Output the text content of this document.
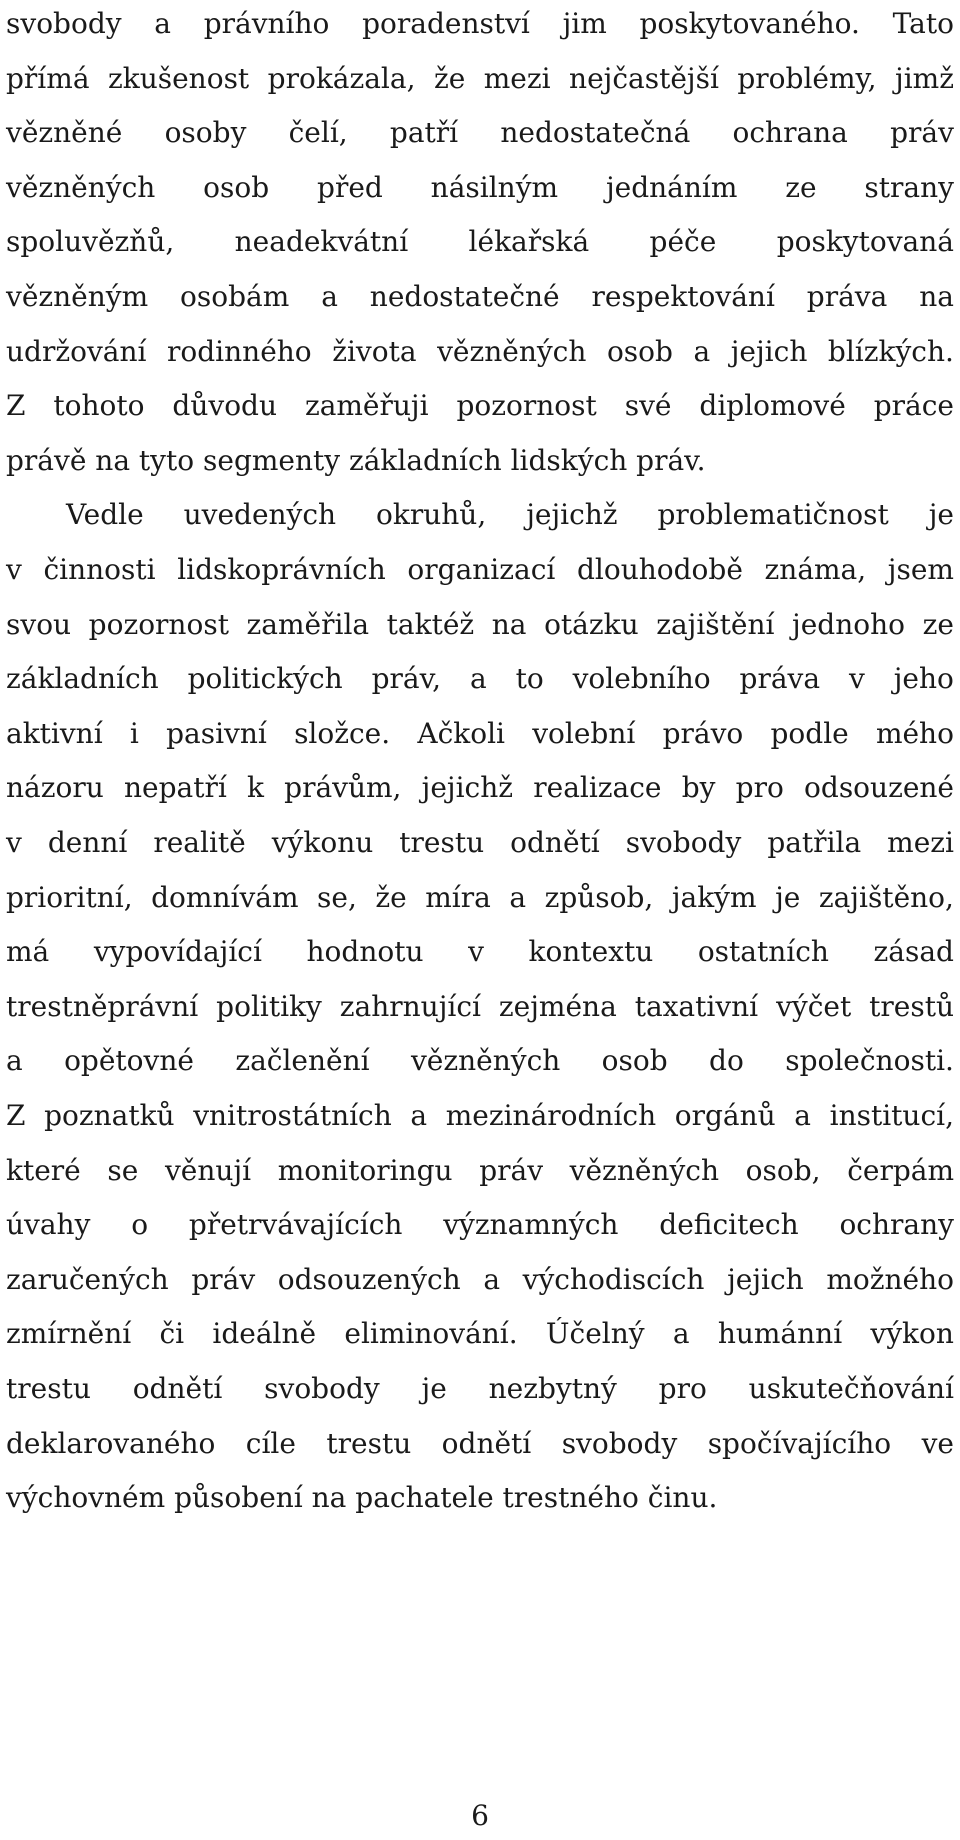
svobody a právního poradenství jim poskytovaného. Tato
přímá zkušenost prokázala, že mezi nejčastější problémy, jimž
vězněné osoby čelí, patří nedostatečná ochrana práv
vězněných osob před násilným jednáním ze strany
spoluvězňů, neadekvátní lékařská péče poskytovaná
vězněným osobám a nedostatečné respektování práva na
udržování rodinného života vězněných osob a jejich blízkých.
Z tohoto důvodu zaměřuji pozornost své diplomové práce
právě na tyto segmenty základních lidských práv.
Vedle uvedených okruhů, jejichž problematičnost je
v činnosti lidskoprávních organizací dlouhodobě známa, jsem
svou pozornost zaměřila taktéž na otázku zajištění jednoho ze
základních politických práv, a to volebního práva v jeho
aktivní i pasivní složce. Ačkoli volební právo podle mého
názoru nepatří k právům, jejichž realizace by pro odsouzené
v denní realitě výkonu trestu odnětí svobody patřila mezi
prioritní, domnívám se, že míra a způsob, jakým je zajištěno,
má vypovídající hodnotu v kontextu ostatních zásad
trestněprávní politiky zahrnující zejména taxativní výčet trestů
a opětovné začlenění vězněných osob do společnosti.
Z poznatků vnitrostátních a mezinárodních orgánů a institucí,
které se věnují monitoringu práv vězněných osob, čerpám
úvahy o přetrvávajících významných deficitech ochrany
zaručených práv odsouzených a východiscích jejich možného
zmírnění či ideálně eliminování. Účelný a humánní výkon
trestu odnětí svobody je nezbytný pro uskutečňování
deklarovaného cíle trestu odnětí svobody spočívajícího ve
výchovném působení na pachatele trestného činu.
6
